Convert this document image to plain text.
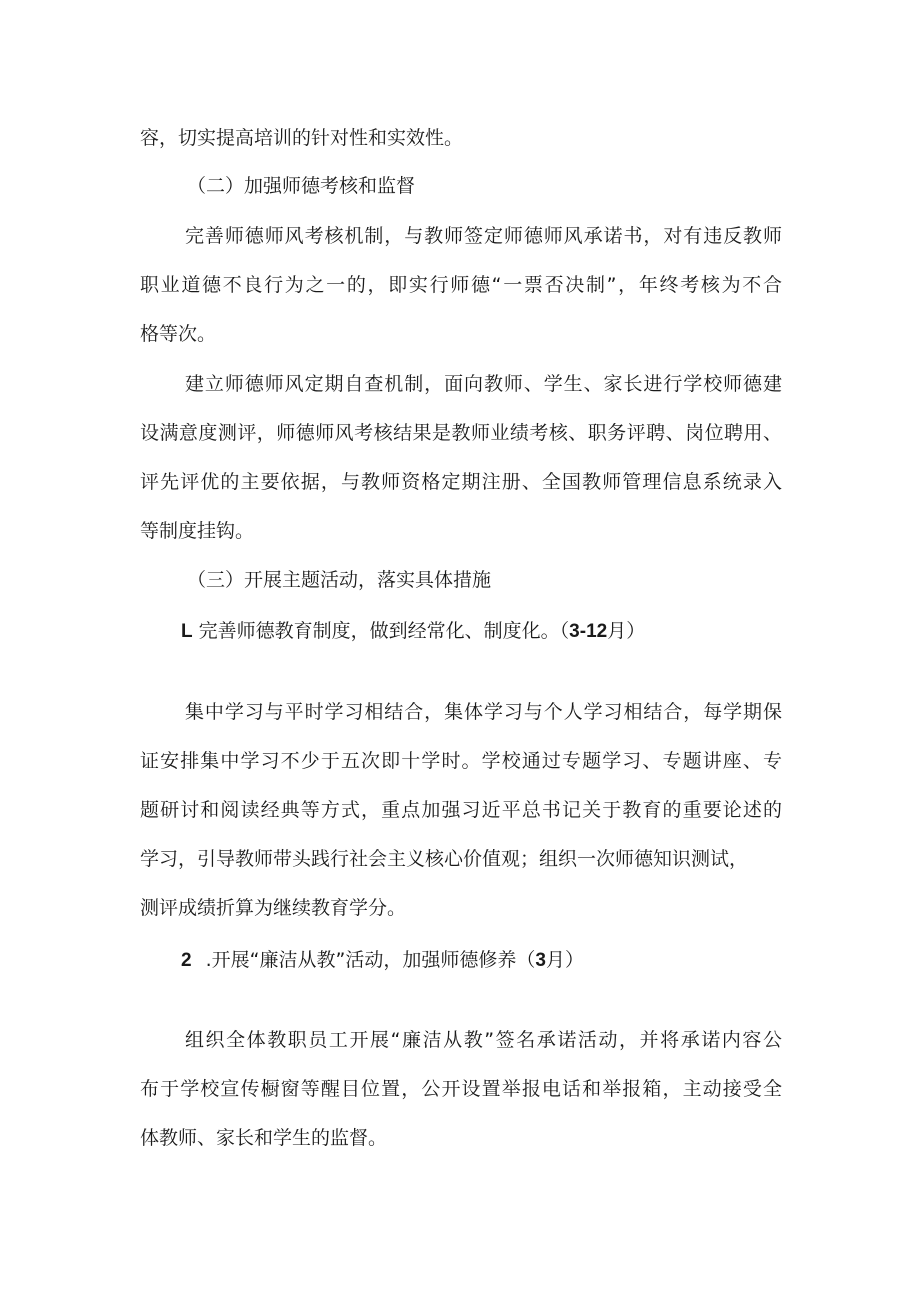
容，切实提高培训的针对性和实效性。
（二）加强师德考核和监督
完善师德师风考核机制，与教师签定师德师风承诺书，对有违反教师
职业道德不良行为之一的，即实行师德“一票否决制”，年终考核为不合
格等次。
建立师德师风定期自查机制，面向教师、学生、家长进行学校师德建
设满意度测评，师德师风考核结果是教师业绩考核、职务评聘、岗位聘用、
评先评优的主要依据，与教师资格定期注册、全国教师管理信息系统录入
等制度挂钩。
（三）开展主题活动，落实具体措施
L 完善师德教育制度，做到经常化、制度化。（3-12月）
集中学习与平时学习相结合，集体学习与个人学习相结合，每学期保
证安排集中学习不少于五次即十学时。学校通过专题学习、专题讲座、专
题研讨和阅读经典等方式，重点加强习近平总书记关于教育的重要论述的
学习，引导教师带头践行社会主义核心价值观；组织一次师德知识测试，
测评成绩折算为继续教育学分。
2 .开展“廉洁从教”活动，加强师德修养（3月）
组织全体教职员工开展“廉洁从教”签名承诺活动，并将承诺内容公
布于学校宣传橱窗等醒目位置，公开设置举报电话和举报箱，主动接受全
体教师、家长和学生的监督。
